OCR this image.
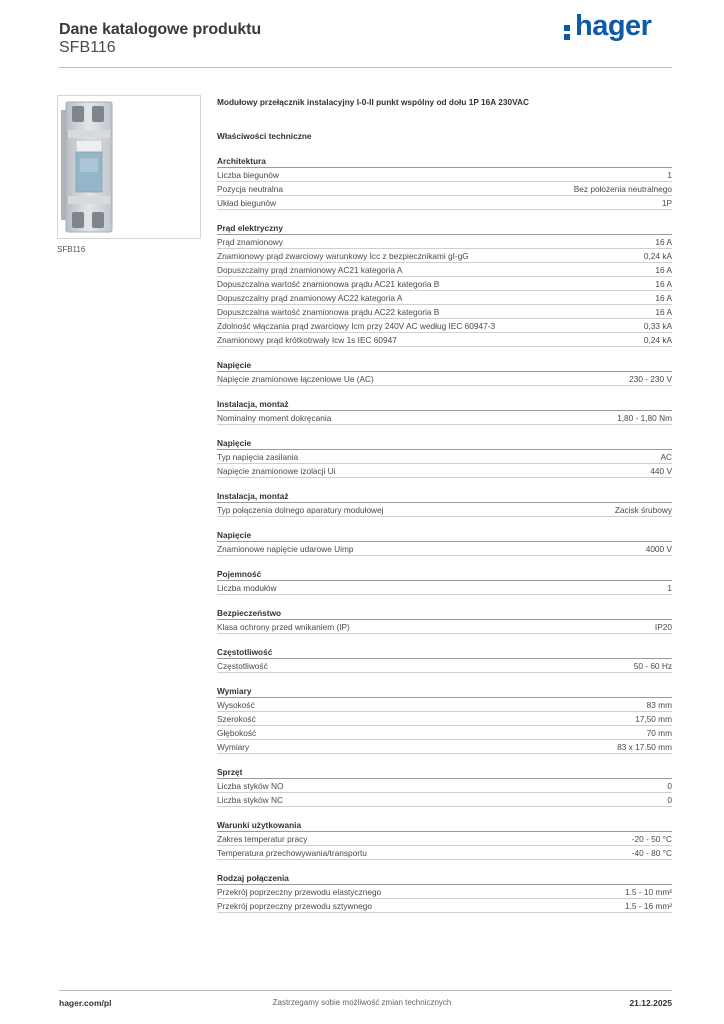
Dane katalogowe produktu
SFB116
hager
SFB116
Modułowy przełącznik instalacyjny I-0-II punkt wspólny od dołu 1P 16A 230VAC
Właściwości techniczne
Architektura
Liczba biegunów	1
Pozycja neutralna	Bez położenia neutralnego
Układ biegunów	1P
Prąd elektryczny
Prąd znamionowy	16 A
Znamionowy prąd zwarciowy warunkowy Icc z bezpiecznikami gI-gG	0,24 kA
Dopuszczalny prąd znamionowy AC21 kategoria A	16 A
Dopuszczalna wartość znamionowa prądu AC21 kategoria B	16 A
Dopuszczalny prąd znamionowy AC22 kategoria A	16 A
Dopuszczalna wartość znamionowa prądu AC22 kategoria B	16 A
Zdolność włączania prąd zwarciowy Icm przy 240V AC według IEC 60947-3	0,33 kA
Znamionowy prąd krótkotrwały Icw 1s IEC 60947	0,24 kA
Napięcie
Napięcie znamionowe łączeniowe Ue (AC)	230 - 230 V
Instalacja, montaż
Nominalny moment dokręcania	1,80 - 1,80 Nm
Napięcie
Typ napięcia zasilania	AC
Napięcie znamionowe izolacji Ui	440 V
Instalacja, montaż
Typ połączenia dolnego aparatury modułowej	Zacisk śrubowy
Napięcie
Znamionowe napięcie udarowe Uimp	4000 V
Pojemność
Liczba modułów	1
Bezpieczeństwo
Klasa ochrony przed wnikaniem (IP)	IP20
Częstotliwość
Częstotliwość	50 - 60 Hz
Wymiary
Wysokość	83 mm
Szerokość	17,50 mm
Głębokość	70 mm
Wymiary	83 x 17.50 mm
Sprzęt
Liczba styków NO	0
Liczba styków NC	0
Warunki użytkowania
Zakres temperatur pracy	-20 - 50 °C
Temperatura przechowywania/transportu	-40 - 80 °C
Rodzaj połączenia
Przekrój poprzeczny przewodu elastycznego	1.5 - 10 mm²
Przekrój poprzeczny przewodu sztywnego	1.5 - 16 mm²
hager.com/pl	Zastrzegamy sobie możliwość zmian technicznych	21.12.2025
